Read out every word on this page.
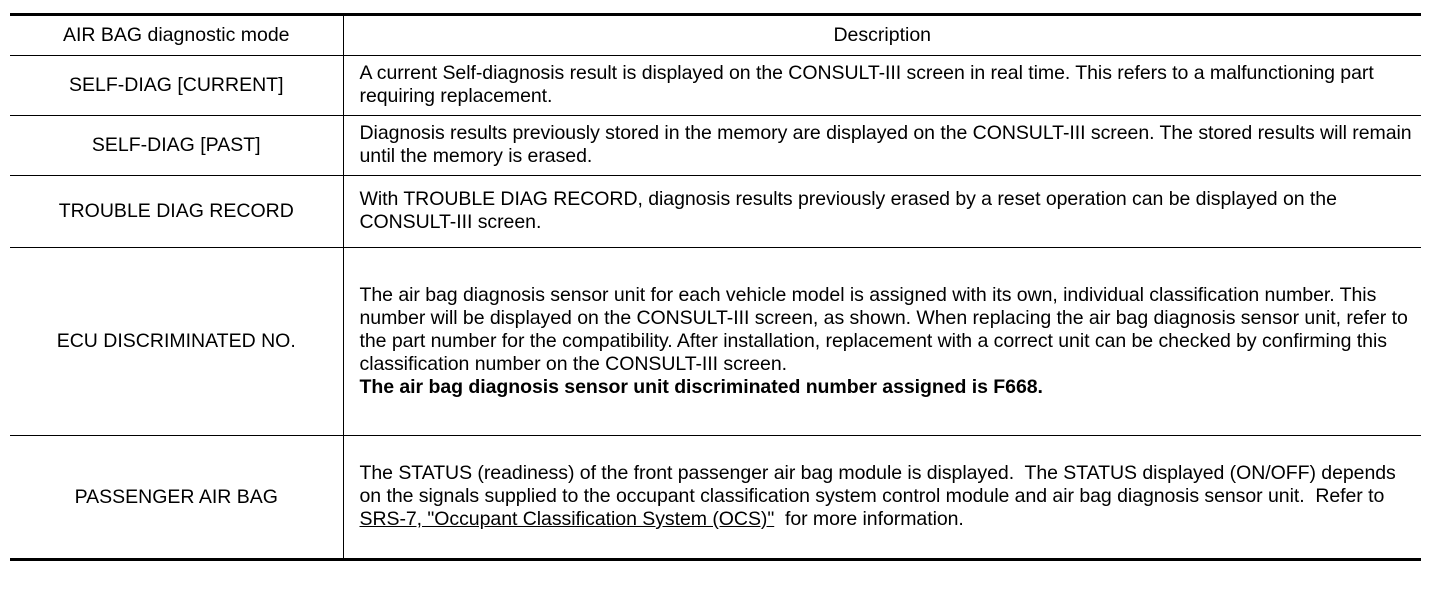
AIR BAG diagnostic mode	Description
SELF-DIAG [CURRENT]	A current Self-diagnosis result is displayed on the CONSULT-III screen in real time. This refers to a malfunctioning part requiring replacement.
SELF-DIAG [PAST]	Diagnosis results previously stored in the memory are displayed on the CONSULT-III screen. The stored results will remain until the memory is erased.
TROUBLE DIAG RECORD	With TROUBLE DIAG RECORD, diagnosis results previously erased by a reset operation can be displayed on the CONSULT-III screen.
ECU DISCRIMINATED NO.	The air bag diagnosis sensor unit for each vehicle model is assigned with its own, individual classification number. This number will be displayed on the CONSULT-III screen, as shown. When replacing the air bag diagnosis sensor unit, refer to the part number for the compatibility. After installation, replacement with a correct unit can be checked by confirming this classification number on the CONSULT-III screen.
The air bag diagnosis sensor unit discriminated number assigned is F668.
PASSENGER AIR BAG	The STATUS (readiness) of the front passenger air bag module is displayed.  The STATUS displayed (ON/OFF) depends on the signals supplied to the occupant classification system control module and air bag diagnosis sensor unit.  Refer to SRS-7, "Occupant Classification System (OCS)"  for more information.
